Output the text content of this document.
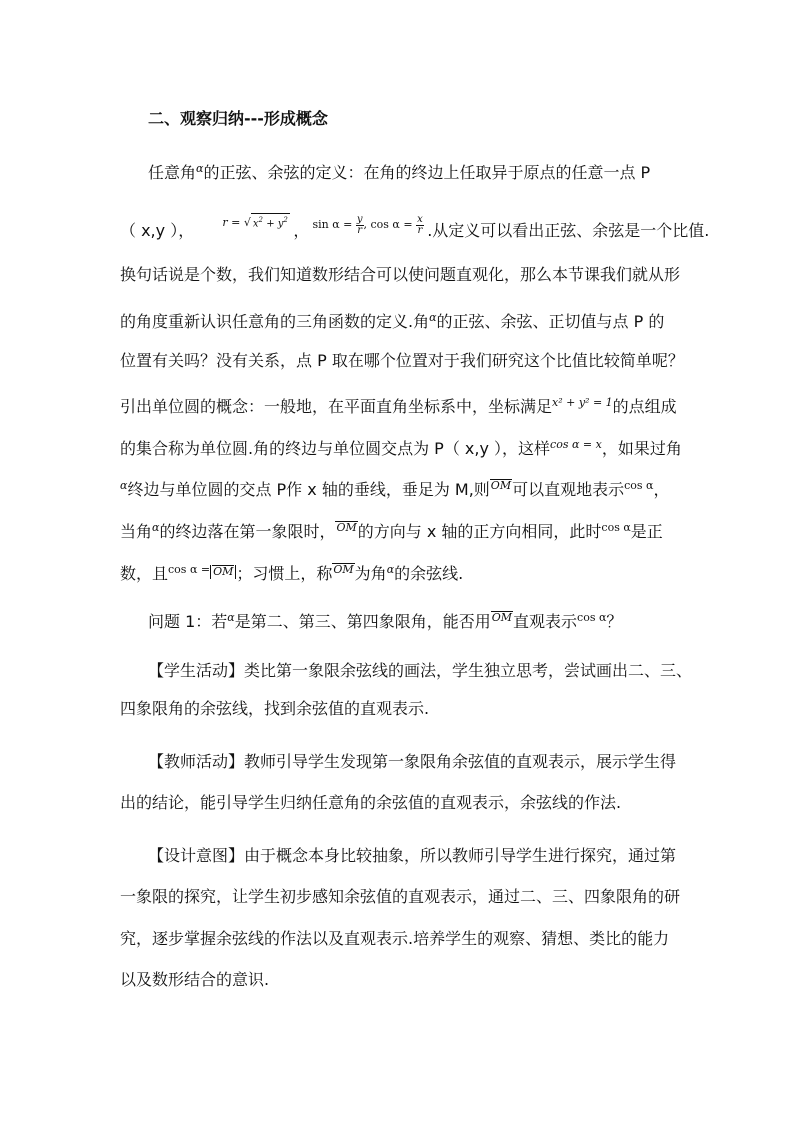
二、观察归纳---形成概念
任意角$^\alpha$的正弦、余弦的定义：在角的终边上任取异于原点的任意一点 P
（ x,y ），	$^{r = √ x^2 + y^2}$ ， $^{sin \alpha = \frac{y}{r} , cos \alpha = \frac{x}{r}}$ .从定义可以看出正弦、余弦是一个比值.
换句话说是个数，我们知道数形结合可以使问题直观化，那么本节课我们就从形
的角度重新认识任意角的三角函数的定义.角$^\alpha$的正弦、余弦、正切值与点 P 的
位置有关吗？没有关系，点 P 取在哪个位置对于我们研究这个比值比较简单呢？
引出单位圆的概念：一般地，在平面直角坐标系中，坐标满足$^{x^2 + y^2 = 1}$的点组成
的集合称为单位圆.角的终边与单位圆交点为 P（ x,y ），这样$^{cos \alpha = x}$，如果过角
$^\alpha$终边与单位圆的交点 P作 x 轴的垂线，垂足为 M,则OM可以直观地表示$^{cos \alpha}$，
当角$^\alpha$的终边落在第一象限时，OM的方向与 x 轴的正方向相同，此时$^{cos \alpha}$是正
数，且$^{cos \alpha =}$ OM ；习惯上，称OM为角$^\alpha$的余弦线.
问题 1：若$^\alpha$是第二、第三、第四象限角，能否用OM直观表示$^{cos \alpha}$？
【学生活动】类比第一象限余弦线的画法，学生独立思考，尝试画出二、三、
四象限角的余弦线，找到余弦值的直观表示.
【教师活动】教师引导学生发现第一象限角余弦值的直观表示，展示学生得
出的结论，能引导学生归纳任意角的余弦值的直观表示，余弦线的作法.
【设计意图】由于概念本身比较抽象，所以教师引导学生进行探究，通过第
一象限的探究，让学生初步感知余弦值的直观表示，通过二、三、四象限角的研
究，逐步掌握余弦线的作法以及直观表示.培养学生的观察、猜想、类比的能力
以及数形结合的意识.
